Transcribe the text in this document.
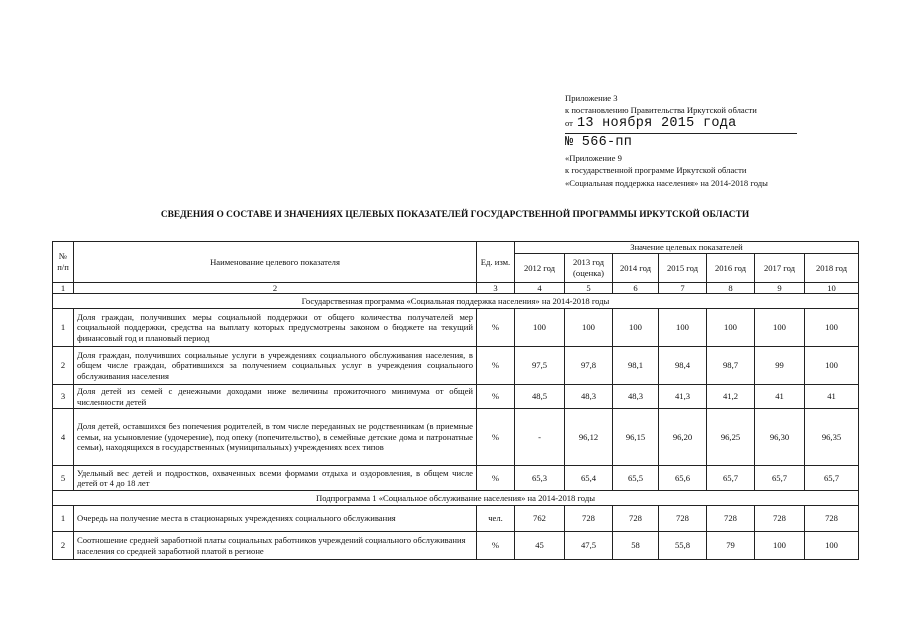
Приложение 3
к постановлению Правительства Иркутской области
от 13 ноября 2015 года
№ 566-пп
«Приложение 9
к государственной программе Иркутской области
«Социальная поддержка населения» на 2014-2018 годы
СВЕДЕНИЯ О СОСТАВЕ И ЗНАЧЕНИЯХ ЦЕЛЕВЫХ ПОКАЗАТЕЛЕЙ ГОСУДАРСТВЕННОЙ ПРОГРАММЫ ИРКУТСКОЙ ОБЛАСТИ
№ п/п	Наименование целевого показателя	Ед. изм.	Значение целевых показателей						
			2012 год	2013 год (оценка)	2014 год	2015 год	2016 год	2017 год	2018 год
1	2	3	4	5	6	7	8	9	10
Государственная программа «Социальная поддержка населения» на 2014-2018 годы									
1	Доля граждан, получивших меры социальной поддержки от общего количества получателей мер социальной поддержки, средства на выплату которых предусмотрены законом о бюджете на текущий финансовый год и плановый период	%	100	100	100	100	100	100	100
2	Доля граждан, получивших социальные услуги в учреждениях социального обслуживания населения, в общем числе граждан, обратившихся за получением социальных услуг в учреждения социального обслуживания населения	%	97,5	97,8	98,1	98,4	98,7	99	100
3	Доля детей из семей с денежными доходами ниже величины прожиточного минимума от общей численности детей	%	48,5	48,3	48,3	41,3	41,2	41	41
4	Доля детей, оставшихся без попечения родителей, в том числе переданных не родственникам (в приемные семьи, на усыновление (удочерение), под опеку (попечительство), в семейные детские дома и патронатные семьи), находящихся в государственных (муниципальных) учреждениях всех типов	%	-	96,12	96,15	96,20	96,25	96,30	96,35
5	Удельный вес детей и подростков, охваченных всеми формами отдыха и оздоровления, в общем числе детей от 4 до 18 лет	%	65,3	65,4	65,5	65,6	65,7	65,7	65,7
Подпрограмма 1 «Социальное обслуживание населения» на 2014-2018 годы									
1	Очередь на получение места в стационарных учреждениях социального обслуживания	чел.	762	728	728	728	728	728	728
2	Соотношение средней заработной платы социальных работников учреждений социального обслуживания населения со средней заработной платой в регионе	%	45	47,5	58	55,8	79	100	100
